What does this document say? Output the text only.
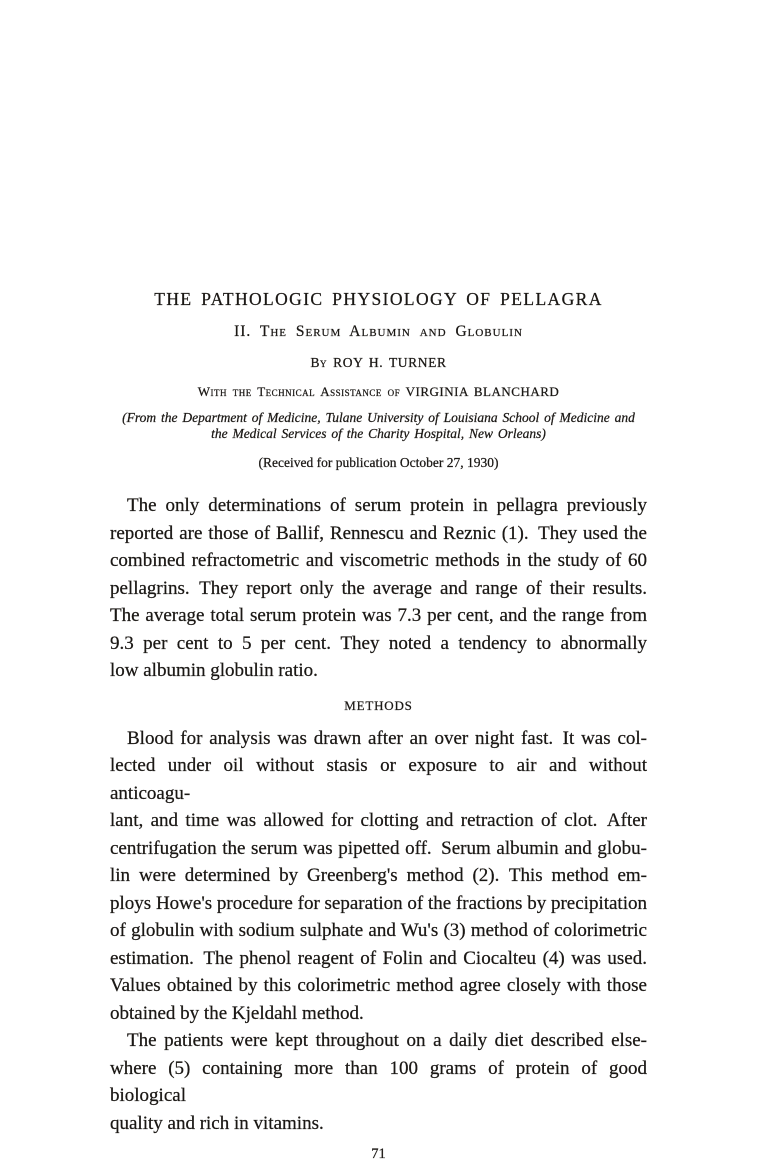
THE PATHOLOGIC PHYSIOLOGY OF PELLAGRA
II. The Serum Albumin and Globulin
By ROY H. TURNER
With the Technical Assistance of VIRGINIA BLANCHARD
(From the Department of Medicine, Tulane University of Louisiana School of Medicine and
the Medical Services of the Charity Hospital, New Orleans)
(Received for publication October 27, 1930)

The only determinations of serum protein in pellagra previously
reported are those of Ballif, Rennescu and Reznic (1). They used the
combined refractometric and viscometric methods in the study of 60
pellagrins. They report only the average and range of their results.
The average total serum protein was 7.3 per cent, and the range from
9.3 per cent to 5 per cent. They noted a tendency to abnormally
low albumin globulin ratio.

METHODS

Blood for analysis was drawn after an over night fast. It was col-
lected under oil without stasis or exposure to air and without anticoagu-
lant, and time was allowed for clotting and retraction of clot. After
centrifugation the serum was pipetted off. Serum albumin and globu-
lin were determined by Greenberg's method (2). This method em-
ploys Howe's procedure for separation of the fractions by precipitation
of globulin with sodium sulphate and Wu's (3) method of colorimetric
estimation. The phenol reagent of Folin and Ciocalteu (4) was used.
Values obtained by this colorimetric method agree closely with those
obtained by the Kjeldahl method.

The patients were kept throughout on a daily diet described else-
where (5) containing more than 100 grams of protein of good biological
quality and rich in vitamins.

71
